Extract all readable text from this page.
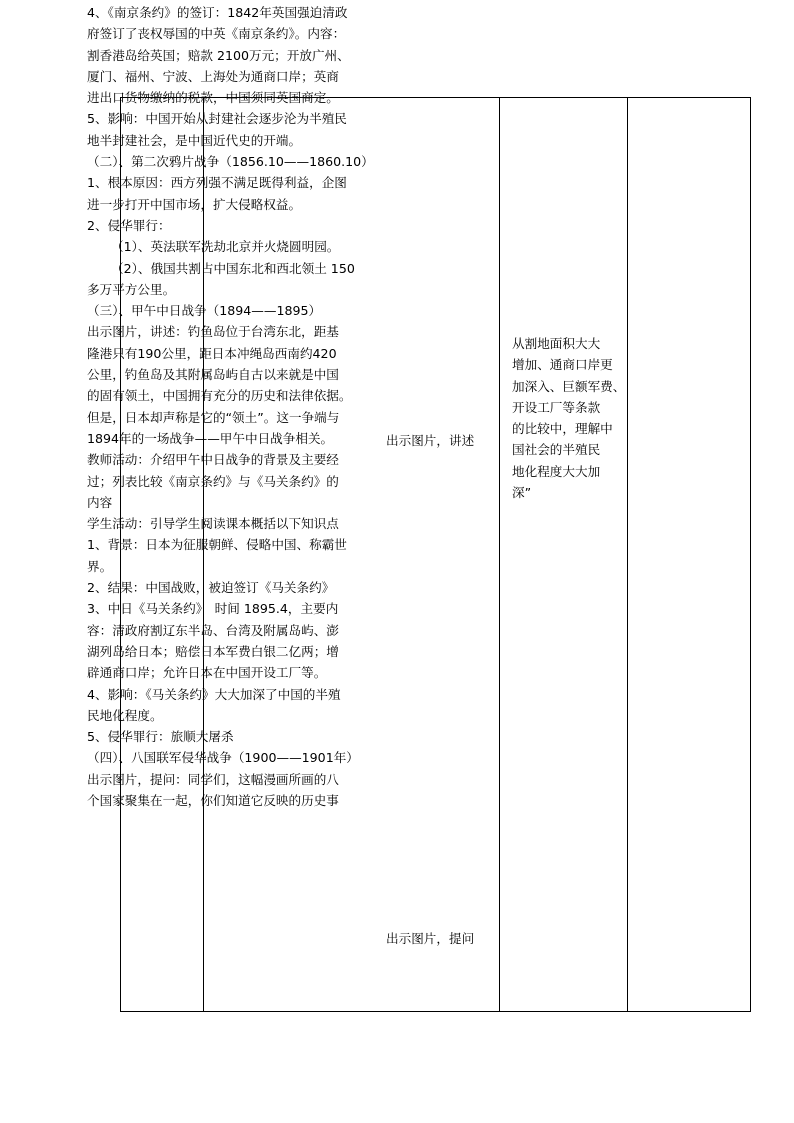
4、《南京条约》的签订：1842年英国强迫清政
府签订了丧权辱国的中英《南京条约》。内容：
割香港岛给英国；赔款 2100万元；开放广州、
厦门、福州、宁波、上海处为通商口岸；英商
进出口货物缴纳的税款，中国须同英国商定。
5、影响：中国开始从封建社会逐步沦为半殖民
地半封建社会，是中国近代史的开端。
（二）、第二次鸦片战争（1856.10——1860.10）
1、根本原因：西方列强不满足既得利益，企图
进一步打开中国市场，扩大侵略权益。
2、侵华罪行：
（1）、英法联军洗劫北京并火烧圆明园。
（2）、俄国共割占中国东北和西北领土 150
多万平方公里。
（三）、甲午中日战争（1894——1895）
出示图片，讲述：钓鱼岛位于台湾东北，距基
隆港只有190公里，距日本冲绳岛西南约420
公里，钓鱼岛及其附属岛屿自古以来就是中国
的固有领土，中国拥有充分的历史和法律依据。
但是，日本却声称是它的“领土”。这一争端与
1894年的一场战争——甲午中日战争相关。
教师活动：介绍甲午中日战争的背景及主要经
过；列表比较《南京条约》与《马关条约》的
内容
学生活动：引导学生阅读课本概括以下知识点
1、背景：日本为征服朝鲜、侵略中国、称霸世
界。
2、结果：中国战败，被迫签订《马关条约》
3、中日《马关条约》　时间 1895.4，主要内
容：清政府割辽东半岛、台湾及附属岛屿、澎
湖列岛给日本；赔偿日本军费白银二亿两；增
辟通商口岸；允许日本在中国开设工厂等。
4、影响：《马关条约》大大加深了中国的半殖
民地化程度。
5、侵华罪行：旅顺大屠杀
（四）、八国联军侵华战争（1900——1901年）
出示图片，提问：同学们，这幅漫画所画的八
个国家聚集在一起，你们知道它反映的历史事
出示图片，讲述
出示图片，提问
从割地面积大大
增加、通商口岸更
加深入、巨额军费、
开设工厂等条款
的比较中，理解中
国社会的半殖民
地化程度大大加
深”
